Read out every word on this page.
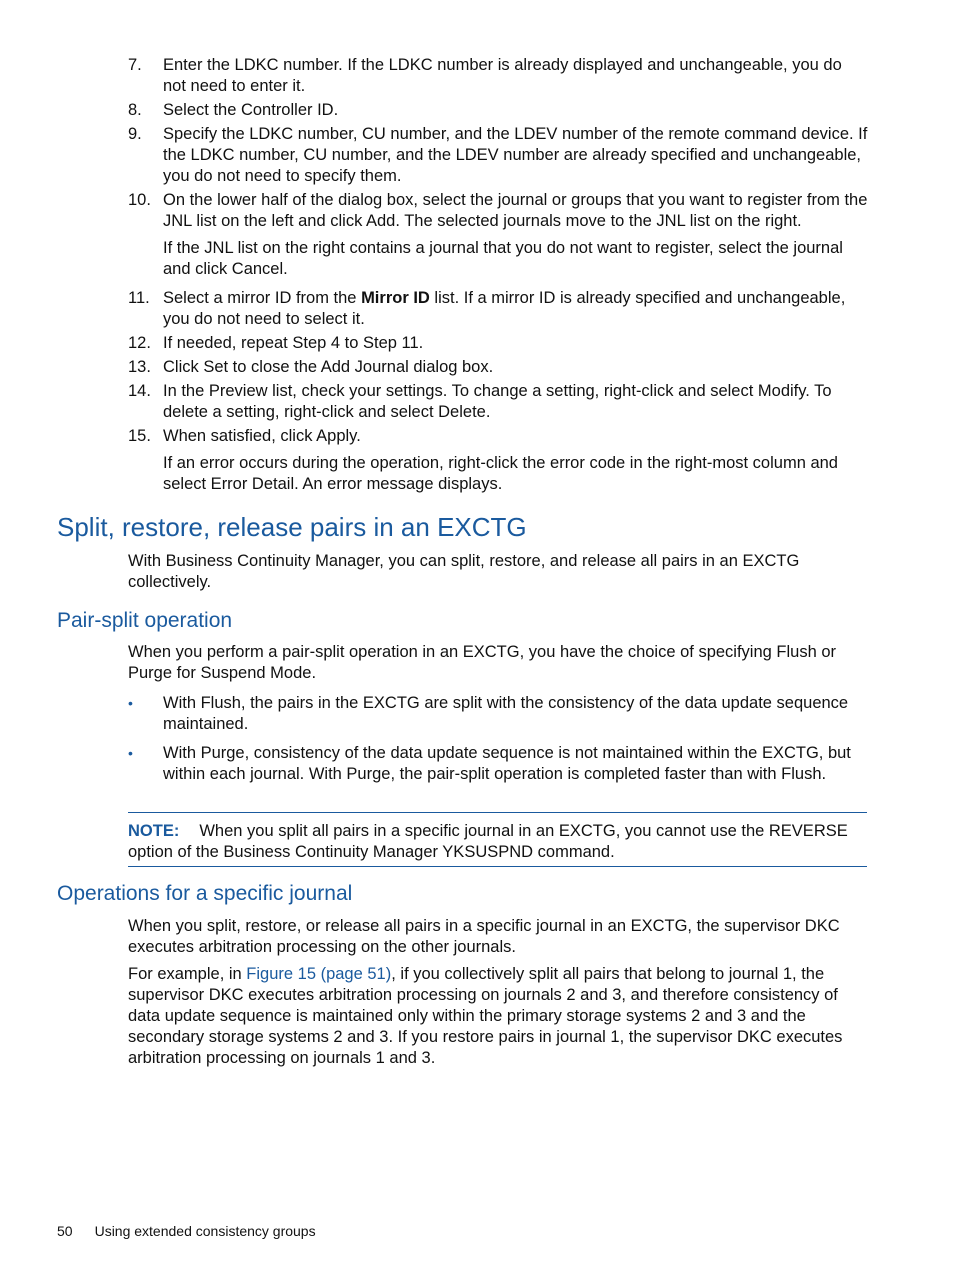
7.	Enter the LDKC number. If the LDKC number is already displayed and unchangeable, you do not need to enter it.
8.	Select the Controller ID.
9.	Specify the LDKC number, CU number, and the LDEV number of the remote command device. If the LDKC number, CU number, and the LDEV number are already specified and unchangeable, you do not need to specify them.
10. On the lower half of the dialog box, select the journal or groups that you want to register from the JNL list on the left and click Add. The selected journals move to the JNL list on the right.
If the JNL list on the right contains a journal that you do not want to register, select the journal and click Cancel.
11. Select a mirror ID from the Mirror ID list. If a mirror ID is already specified and unchangeable, you do not need to select it.
12. If needed, repeat Step 4 to Step 11.
13. Click Set to close the Add Journal dialog box.
14. In the Preview list, check your settings. To change a setting, right-click and select Modify. To delete a setting, right-click and select Delete.
15. When satisfied, click Apply.
If an error occurs during the operation, right-click the error code in the right-most column and select Error Detail. An error message displays.
Split, restore, release pairs in an EXCTG

With Business Continuity Manager, you can split, restore, and release all pairs in an EXCTG collectively.

Pair-split operation

When you perform a pair-split operation in an EXCTG, you have the choice of specifying Flush or Purge for Suspend Mode.

•	With Flush, the pairs in the EXCTG are split with the consistency of the data update sequence maintained.
•	With Purge, consistency of the data update sequence is not maintained within the EXCTG, but within each journal. With Purge, the pair-split operation is completed faster than with Flush.
NOTE: When you split all pairs in a specific journal in an EXCTG, you cannot use the REVERSE option of the Business Continuity Manager YKSUSPND command.
Operations for a specific journal

When you split, restore, or release all pairs in a specific journal in an EXCTG, the supervisor DKC executes arbitration processing on the other journals.

For example, in Figure 15 (page 51), if you collectively split all pairs that belong to journal 1, the supervisor DKC executes arbitration processing on journals 2 and 3, and therefore consistency of data update sequence is maintained only within the primary storage systems 2 and 3 and the secondary storage systems 2 and 3. If you restore pairs in journal 1, the supervisor DKC executes arbitration processing on journals 1 and 3.

50 Using extended consistency groups
